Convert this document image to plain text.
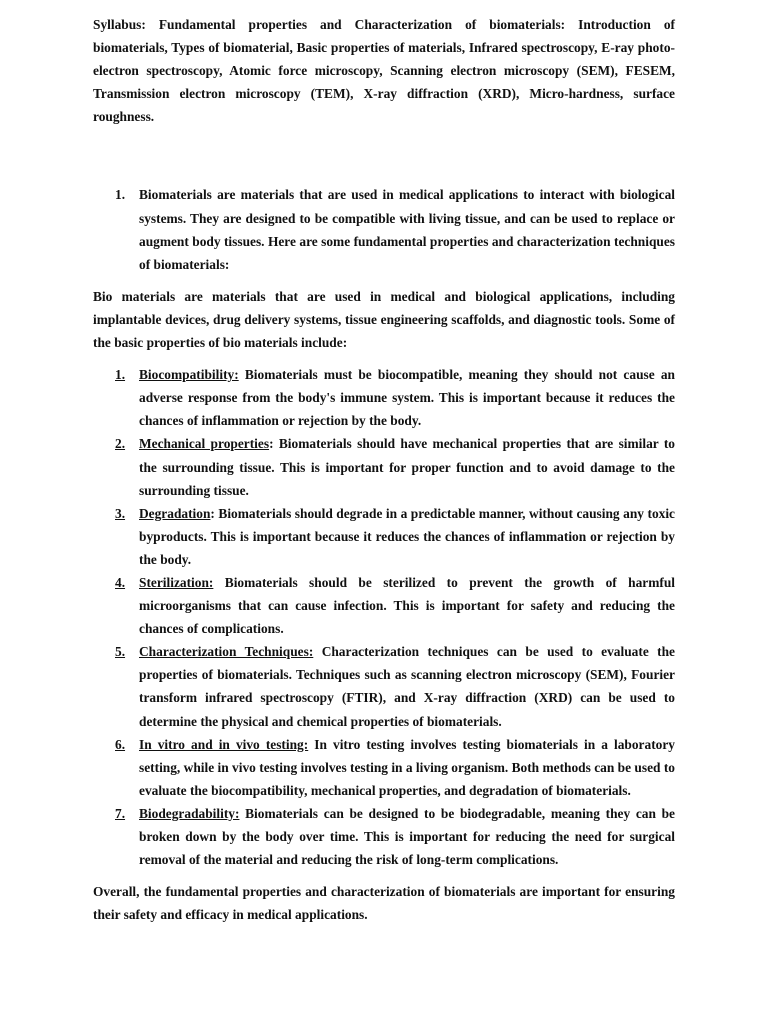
Syllabus: Fundamental properties and Characterization of biomaterials: Introduction of biomaterials, Types of biomaterial, Basic properties of materials, Infrared spectroscopy, E-ray photo-electron spectroscopy, Atomic force microscopy, Scanning electron microscopy (SEM), FESEM, Transmission electron microscopy (TEM), X-ray diffraction (XRD), Micro-hardness, surface roughness.

1. Biomaterials are materials that are used in medical applications to interact with biological systems. They are designed to be compatible with living tissue, and can be used to replace or augment body tissues. Here are some fundamental properties and characterization techniques of biomaterials:

Bio materials are materials that are used in medical and biological applications, including implantable devices, drug delivery systems, tissue engineering scaffolds, and diagnostic tools. Some of the basic properties of bio materials include:

1. Biocompatibility: Biomaterials must be biocompatible, meaning they should not cause an adverse response from the body's immune system. This is important because it reduces the chances of inflammation or rejection by the body.
2. Mechanical properties: Biomaterials should have mechanical properties that are similar to the surrounding tissue. This is important for proper function and to avoid damage to the surrounding tissue.
3. Degradation: Biomaterials should degrade in a predictable manner, without causing any toxic byproducts. This is important because it reduces the chances of inflammation or rejection by the body.
4. Sterilization: Biomaterials should be sterilized to prevent the growth of harmful microorganisms that can cause infection. This is important for safety and reducing the chances of complications.
5. Characterization Techniques: Characterization techniques can be used to evaluate the properties of biomaterials. Techniques such as scanning electron microscopy (SEM), Fourier transform infrared spectroscopy (FTIR), and X-ray diffraction (XRD) can be used to determine the physical and chemical properties of biomaterials.
6. In vitro and in vivo testing: In vitro testing involves testing biomaterials in a laboratory setting, while in vivo testing involves testing in a living organism. Both methods can be used to evaluate the biocompatibility, mechanical properties, and degradation of biomaterials.
7. Biodegradability: Biomaterials can be designed to be biodegradable, meaning they can be broken down by the body over time. This is important for reducing the need for surgical removal of the material and reducing the risk of long-term complications.

Overall, the fundamental properties and characterization of biomaterials are important for ensuring their safety and efficacy in medical applications.
